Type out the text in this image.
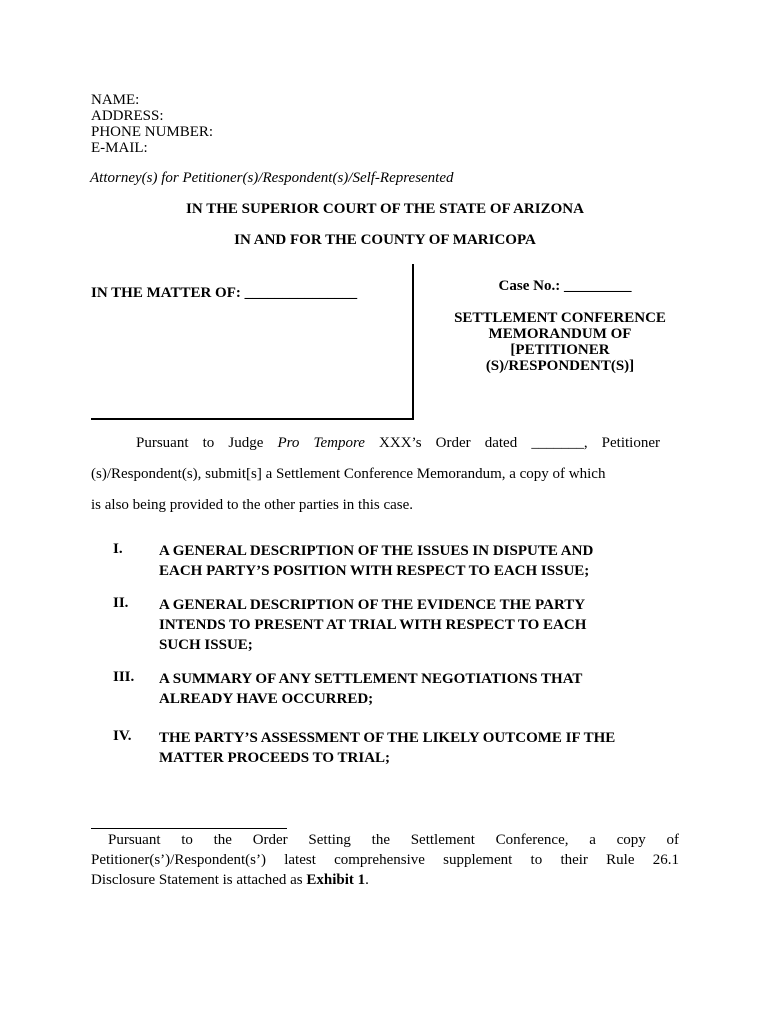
NAME:
ADDRESS:
PHONE NUMBER:
E-MAIL:
Attorney(s) for Petitioner(s)/Respondent(s)/Self-Represented
IN THE SUPERIOR COURT OF THE STATE OF ARIZONA
IN AND FOR THE COUNTY OF MARICOPA
IN THE MATTER OF: _______________	Case No.: _________
SETTLEMENT CONFERENCE
MEMORANDUM OF
[PETITIONER
(S)/RESPONDENT(S)]
Pursuant to Judge Pro Tempore XXX’s Order dated _______, Petitioner
(s)/Respondent(s), submit[s] a Settlement Conference Memorandum, a copy of which
is also being provided to the other parties in this case.
I. A GENERAL DESCRIPTION OF THE ISSUES IN DISPUTE AND
EACH PARTY’S POSITION WITH RESPECT TO EACH ISSUE;
II. A GENERAL DESCRIPTION OF THE EVIDENCE THE PARTY
INTENDS TO PRESENT AT TRIAL WITH RESPECT TO EACH
SUCH ISSUE;
III. A SUMMARY OF ANY SETTLEMENT NEGOTIATIONS THAT
ALREADY HAVE OCCURRED;
IV. THE PARTY’S ASSESSMENT OF THE LIKELY OUTCOME IF THE
MATTER PROCEEDS TO TRIAL;
Pursuant to the Order Setting the Settlement Conference, a copy of
Petitioner(s’)/Respondent(s’) latest comprehensive supplement to their Rule 26.1
Disclosure Statement is attached as Exhibit 1.
